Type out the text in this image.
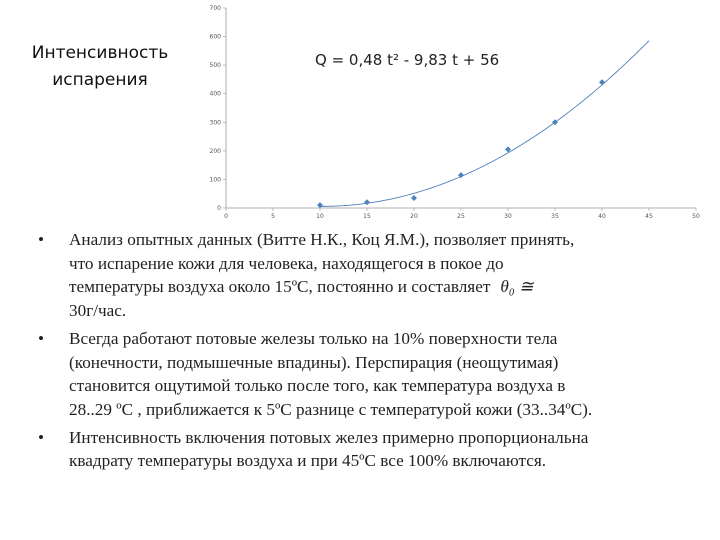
Интенсивность
испарения
0	5	10	15	20	25	30	35	40	45	50
0
100
200
300
400
500
600
700
Q = 0,48 t² - 9,83 t + 56
• Анализ опытных данных (Витте Н.К., Коц Я.М.), позволяет принять,
что испарение кожи для человека, находящегося в покое до
температуры воздуха около 15ºС, постоянно и составляет θ₀ ≅
30г/час.
• Всегда работают потовые железы только на 10% поверхности тела
(конечности, подмышечные впадины). Перспирация (неощутимая)
становится ощутимой только после того, как температура воздуха в
28..29 ºС , приближается к 5ºС разнице с температурой кожи (33..34ºС).
• Интенсивность включения потовых желез примерно пропорциональна
квадрату температуры воздуха и при 45ºС все 100% включаются.
